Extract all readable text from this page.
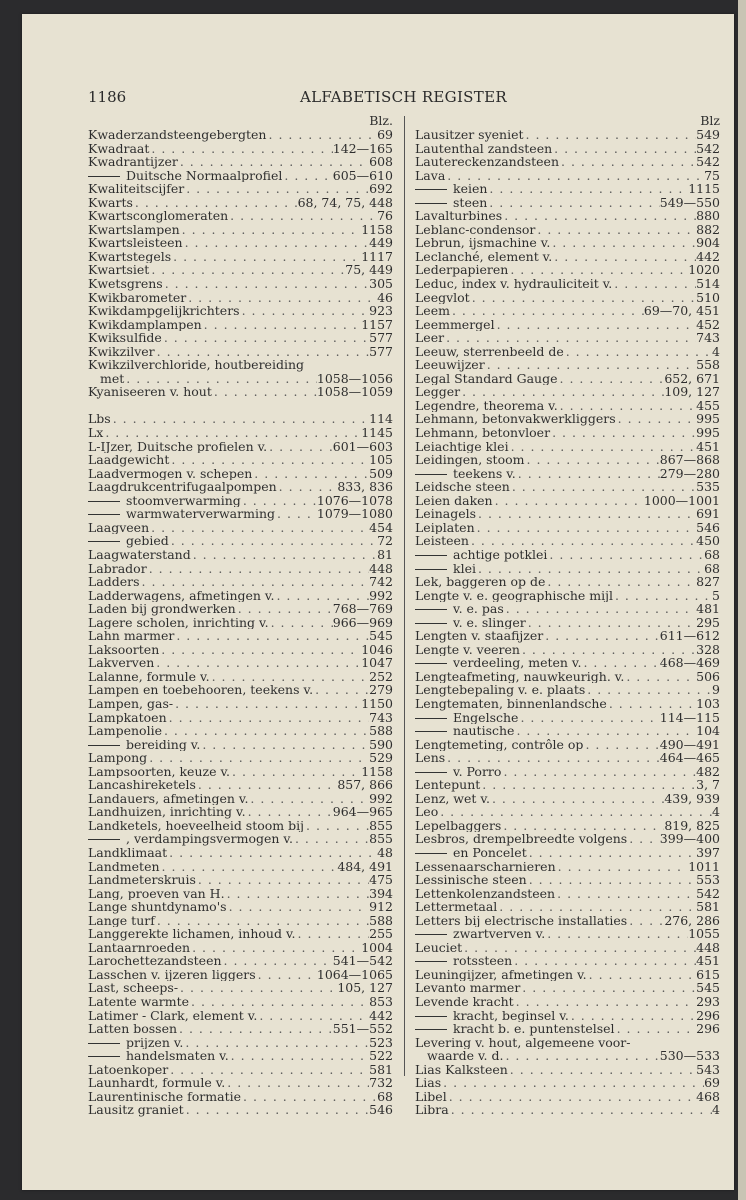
1186	ALFABETISCH REGISTER
Blz.
Kwaderzandsteengebergten . . .	69
Kwadraat . . .	142—165
Kwadrantijzer . . .	608
Duitsche Normaalprofiel . . .	605—610
Kwaliteitscijfer . . .	692
Kwarts . . .	68, 74, 75, 448
Kwartsconglomeraten . . .	76
Kwartslampen . . .	1158
Kwartsleisteen . . .	449
Kwartstegels . . .	1117
Kwartsiet . . .	75, 449
Kwetsgrens . . .	305
Kwikbarometer . . .	46
Kwikdampgelijkrichters . . .	923
Kwikdamplampen . . .	1157
Kwiksulfide . . .	577
Kwikzilver . . .	577
Kwikzilverchloride, houtbereiding
met . . .	1058—1056
Kyaniseeren v. hout . . .	1058—1059
Lbs . . .	114
Lx . . .	1145
L-IJzer, Duitsche profielen v. . . .	601—603
Laadgewicht . . .	105
Laadvermogen v. schepen . . .	509
Laagdrukcentrifugaalpompen . . .	833, 836
stoomverwarming . . .	1076—1078
warmwaterverwarming . . .	1079—1080
Laagveen . . .	454
gebied . . .	72
Laagwaterstand . . .	81
Labrador . . .	448
Ladders . . .	742
Ladderwagens, afmetingen v. . . .	992
Laden bij grondwerken . . .	768—769
Lagere scholen, inrichting v. . . .	966—969
Lahn marmer . . .	545
Laksoorten . . .	1046
Lakverven . . .	1047
Lalanne, formule v. . . .	252
Lampen en toebehooren, teekens v. . . .	279
Lampen, gas- . . .	1150
Lampkatoen . . .	743
Lampenolie . . .	588
bereiding v. . . .	590
Lampong . . .	529
Lampsoorten, keuze v. . . .	1158
Lancashireketels . . .	857, 866
Landauers, afmetingen v. . . .	992
Landhuizen, inrichting v. . . .	964—965
Landketels, hoeveelheid stoom bij . . .	855
, verdampingsvermogen v. . . .	855
Landklimaat . . .	48
Landmeten . . .	484, 491
Landmeterskruis . . .	475
Lang, proeven van H. . . .	394
Lange shuntdynamo's . . .	912
Lange turf . . .	588
Langgerekte lichamen, inhoud v. . . .	255
Lantaarnroeden . . .	1004
Larochettezandsteen . . .	541—542
Lasschen v. ijzeren liggers . . .	1064—1065
Last, scheeps- . . .	105, 127
Latente warmte . . .	853
Latimer - Clark, element v. . . .	442
Latten bossen . . .	551—552
prijzen v. . . .	523
handelsmaten v. . . .	522
Latoenkoper . . .	581
Launhardt, formule v. . . .	732
Laurentinische formatie . . .	68
Lausitz graniet . . .	546
Blz
Lausitzer syeniet . . .	549
Lautenthal zandsteen . . .	542
Lautereckenzandsteen . . .	542
Lava . . .	75
keien . . .	1115
steen . . .	549—550
Lavalturbines . . .	880
Leblanc-condensor . . .	882
Lebrun, ijsmachine v. . . .	904
Leclanché, element v. . . .	442
Lederpapieren . . .	1020
Leduc, index v. hydrauliciteit v. . . .	514
Leegvlot . . .	510
Leem . . .	69—70, 451
Leemmergel . . .	452
Leer . . .	743
Leeuw, sterrenbeeld de . . .	4
Leeuwijzer . . .	558
Legal Standard Gauge . . .	652, 671
Legger . . .	109, 127
Legendre, theorema v. . . .	455
Lehmann, betonvakwerkliggers . . .	995
Lehmann, betonvloer . . .	995
Leiachtige klei . . .	451
Leidingen, stoom . . .	867—868
teekens v. . . .	279—280
Leidsche steen . . .	535
Leien daken . . .	1000—1001
Leinagels . . .	691
Leiplaten . . .	546
Leisteen . . .	450
achtige potklei . . .	68
klei . . .	68
Lek, baggeren op de . . .	827
Lengte v. e. geographische mijl . . .	5
v. e. pas . . .	481
v. e. slinger . . .	295
Lengten v. staafijzer . . .	611—612
Lengte v. veeren . . .	328
verdeeling, meten v. . . .	468—469
Lengteafmeting, nauwkeurigh. v. . . .	506
Lengtebepaling v. e. plaats . . .	9
Lengtematen, binnenlandsche . . .	103
Engelsche . . .	114—115
nautische . . .	104
Lengtemeting, contrôle op . . .	490—491
Lens . . .	464—465
v. Porro . . .	482
Lentepunt . . .	3, 7
Lenz, wet v. . . .	439, 939
Leo . . .	4
Lepelbaggers . . .	819, 825
Lesbros, drempelbreedte volgens . . .	399—400
en Poncelet . . .	397
Lessenaarscharnieren . . .	1011
Lessinische steen . . .	553
Lettenkolenzandsteen . . .	542
Lettermetaal . . .	581
Letters bij electrische installaties . . .	276, 286
zwartverven v. . . .	1055
Leuciet . . .	448
rotssteen . . .	451
Leuningijzer, afmetingen v. . . .	615
Levanto marmer . . .	545
Levende kracht . . .	293
kracht, beginsel v. . . .	296
kracht b. e. puntenstelsel . . .	296
Levering v. hout, algemeene voor-
waarde v. d. . . .	530—533
Lias Kalksteen . . .	543
Lias . . .	69
Libel . . .	468
Libra . . .	4
